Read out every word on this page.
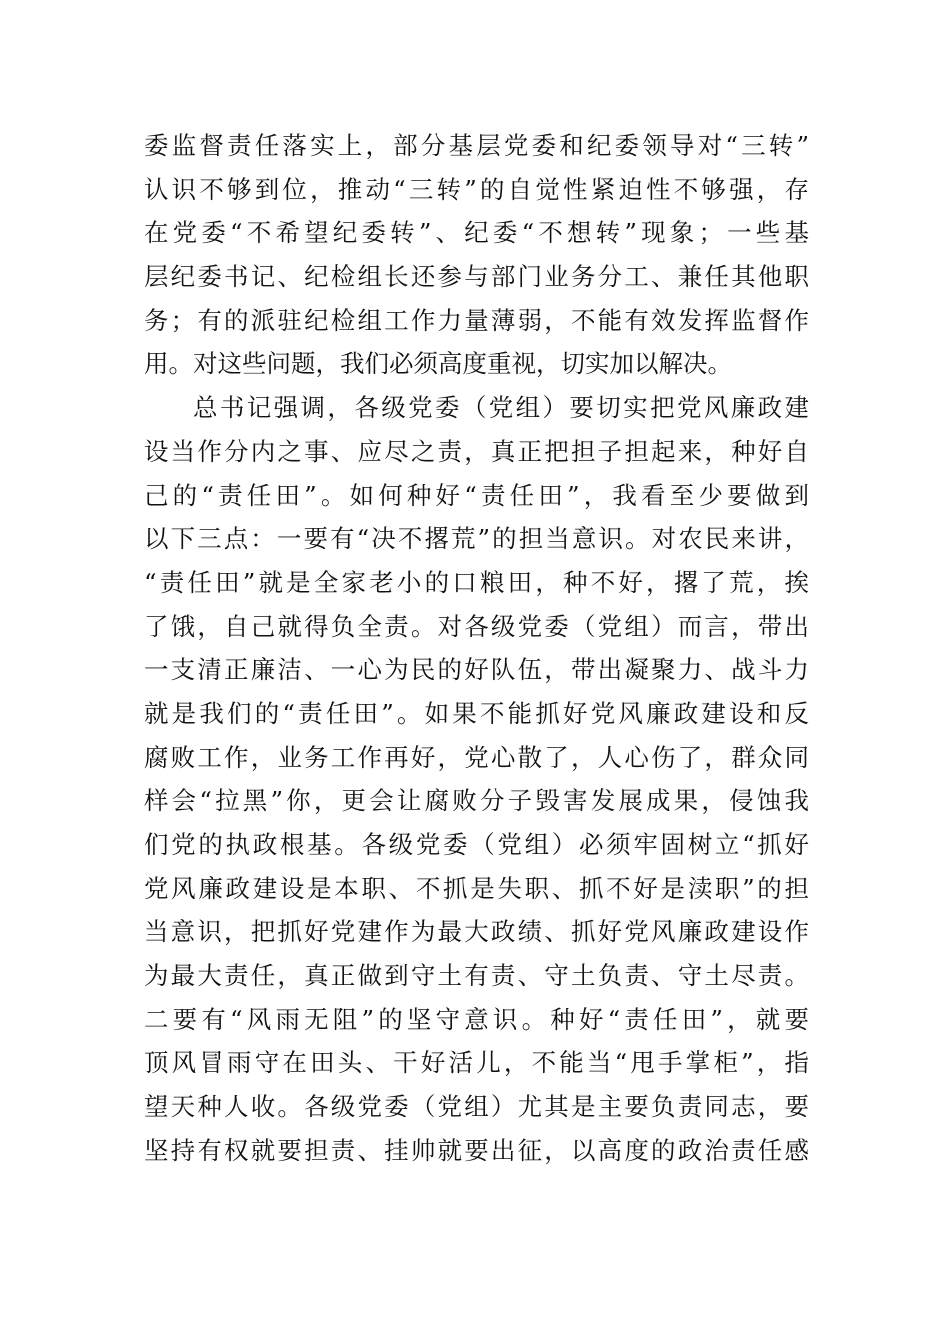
委监督责任落实上，部分基层党委和纪委领导对“三转”
认识不够到位，推动“三转”的自觉性紧迫性不够强，存
在党委“不希望纪委转”、纪委“不想转”现象；一些基
层纪委书记、纪检组长还参与部门业务分工、兼任其他职
务；有的派驻纪检组工作力量薄弱，不能有效发挥监督作
用。对这些问题，我们必须高度重视，切实加以解决。
总书记强调，各级党委（党组）要切实把党风廉政建
设当作分内之事、应尽之责，真正把担子担起来，种好自
己的“责任田”。如何种好“责任田”，我看至少要做到
以下三点：一要有“决不撂荒”的担当意识。对农民来讲，
“责任田”就是全家老小的口粮田，种不好，撂了荒，挨
了饿，自己就得负全责。对各级党委（党组）而言，带出
一支清正廉洁、一心为民的好队伍，带出凝聚力、战斗力
就是我们的“责任田”。如果不能抓好党风廉政建设和反
腐败工作，业务工作再好，党心散了，人心伤了，群众同
样会“拉黑”你，更会让腐败分子毁害发展成果，侵蚀我
们党的执政根基。各级党委（党组）必须牢固树立“抓好
党风廉政建设是本职、不抓是失职、抓不好是渎职”的担
当意识，把抓好党建作为最大政绩、抓好党风廉政建设作
为最大责任，真正做到守土有责、守土负责、守土尽责。
二要有“风雨无阻”的坚守意识。种好“责任田”，就要
顶风冒雨守在田头、干好活儿，不能当“甩手掌柜”，指
望天种人收。各级党委（党组）尤其是主要负责同志，要
坚持有权就要担责、挂帅就要出征，以高度的政治责任感
